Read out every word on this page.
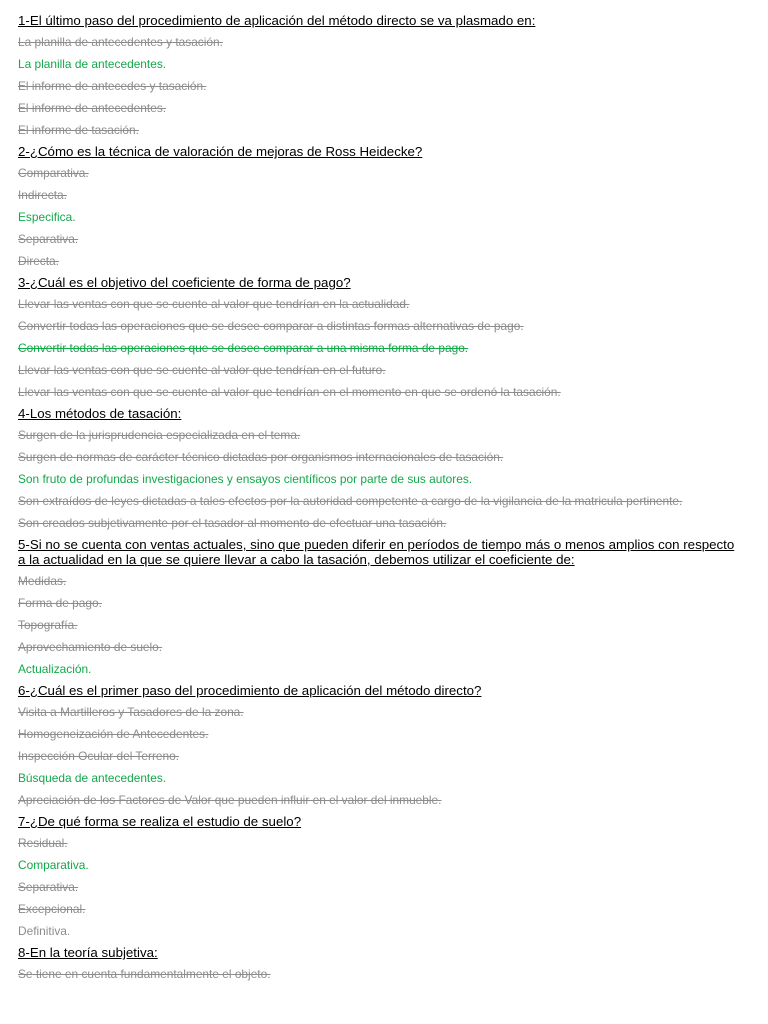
1-El último paso del procedimiento de aplicación del método directo se va plasmado en:
La planilla de antecedentes y tasación.
La planilla de antecedentes.
El informe de antecedes y tasación.
El informe de antecedentes.
El informe de tasación.
2-¿Cómo es la técnica de valoración de mejoras de Ross Heidecke?
Comparativa.
Indirecta.
Especifica.
Separativa.
Directa.
3-¿Cuál es el objetivo del coeficiente de forma de pago?
Llevar las ventas con que se cuente al valor que tendrían en la actualidad.
Convertir todas las operaciones que se desee comparar a distintas formas alternativas de pago.
Convertir todas las operaciones que se desee comparar a una misma forma de pago.
Llevar las ventas con que se cuente al valor que tendrían en el futuro.
Llevar las ventas con que se cuente al valor que tendrían en el momento en que se ordenó la tasación.
4-Los métodos de tasación:
Surgen de la jurisprudencia especializada en el tema.
Surgen de normas de carácter técnico dictadas por organismos internacionales de tasación.
Son fruto de profundas investigaciones y ensayos científicos por parte de sus autores.
Son extraídos de leyes dictadas a tales efectos por la autoridad competente a cargo de la vigilancia de la matricula pertinente.
Son creados subjetivamente por el tasador al momento de efectuar una tasación.
5-Si no se cuenta con ventas actuales, sino que pueden diferir en períodos de tiempo más o menos amplios con respecto a la actualidad en la que se quiere llevar a cabo la tasación, debemos utilizar el coeficiente de:
Medidas.
Forma de pago.
Topografía.
Aprovechamiento de suelo.
Actualización.
6-¿Cuál es el primer paso del procedimiento de aplicación del método directo?
Visita a Martilleros y Tasadores de la zona.
Homogeneización de Antecedentes.
Inspección Ocular del Terreno.
Búsqueda de antecedentes.
Apreciación de los Factores de Valor que pueden influir en el valor del inmueble.
7-¿De qué forma se realiza el estudio de suelo?
Residual.
Comparativa.
Separativa.
Excepcional.
Definitiva.
8-En la teoría subjetiva:
Se tiene en cuenta fundamentalmente el objeto.
